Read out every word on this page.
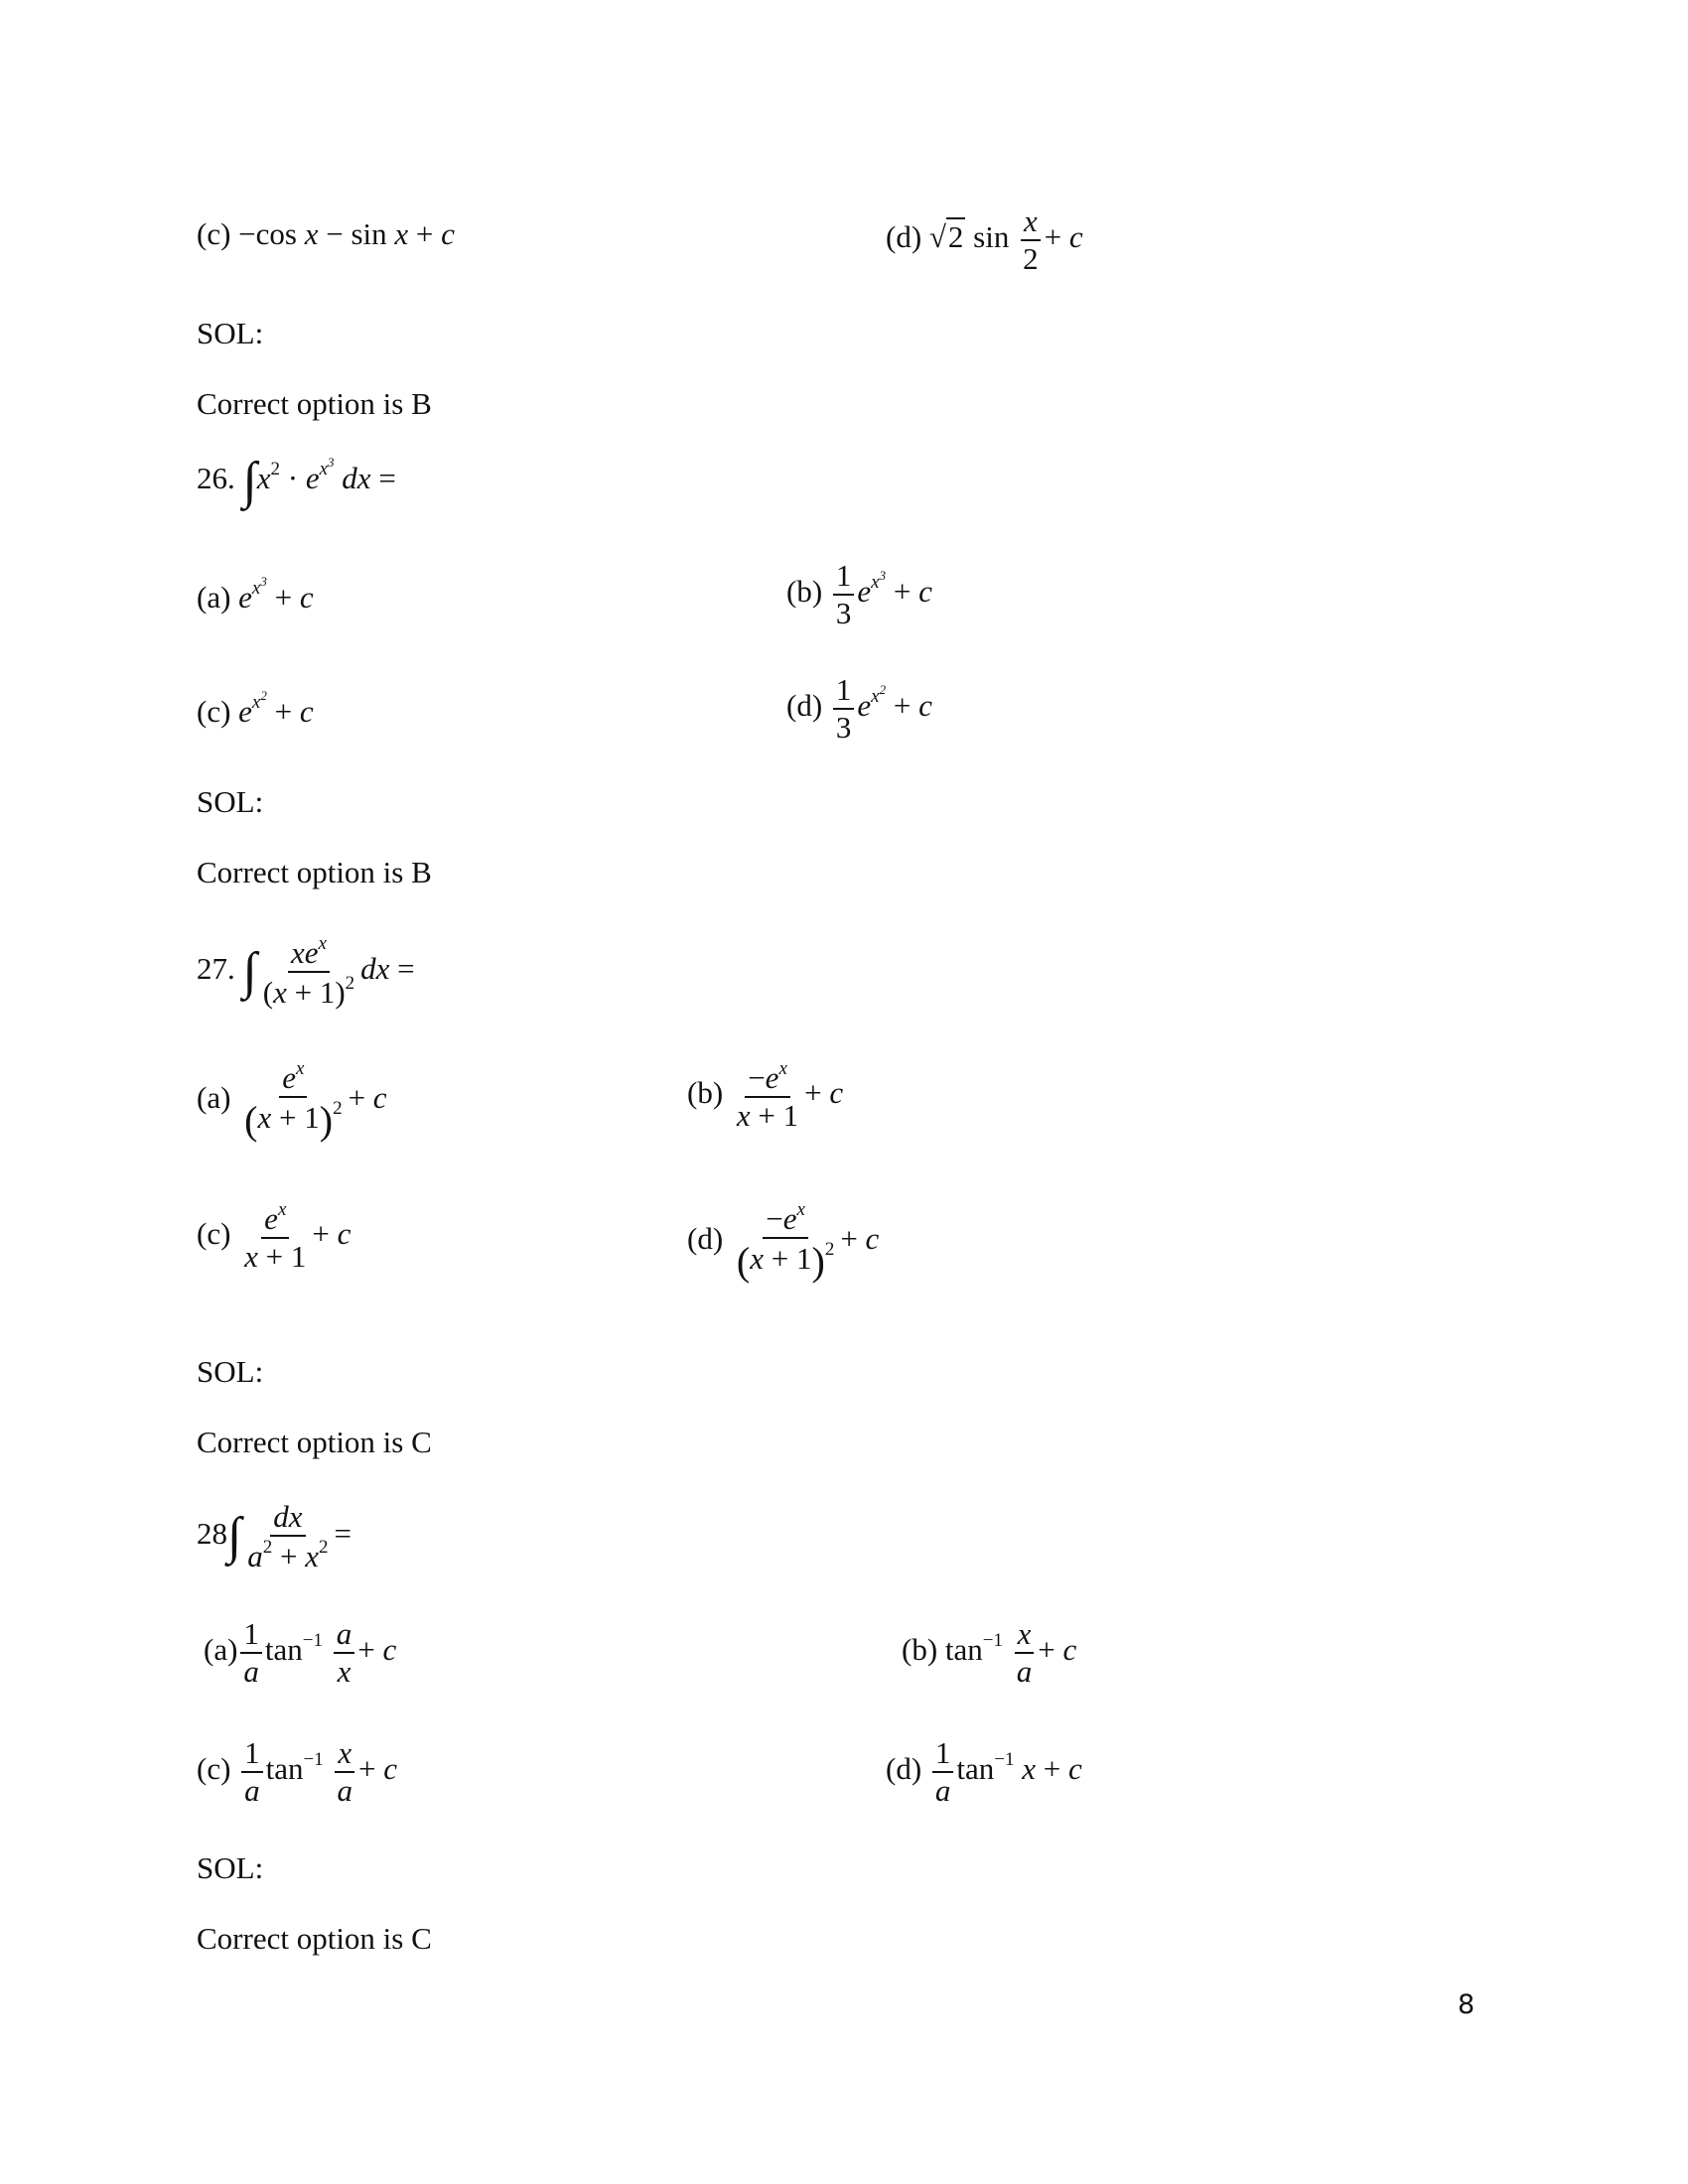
(c) −cos x − sin x + c	(d) √2 $\sin \frac{x}{2} + c$
SOL:
Correct option is B
26. $\int x^2 \cdot e^{x^3}$ dx =
(a) $e^{x^3} + c$	$(b) \frac{1}{3} e^{x^3} + c$
(c) $e^{x^2} + c$	$(d) \frac{1}{3} e^{x^2} + c$
SOL:
Correct option is B
27. ∫ $\frac{xe^x}{(x + 1)^2}$ dx =
$(a) \frac{e^x}{(x + 1)^2} + c$	$(b) \frac{-e^x}{x + 1} + c$
$(c) \frac{e^x}{x + 1} + c$	$(d) \frac{-e^x}{(x + 1)^2} + c$
SOL:
Correct option is C
$28\int \frac{dx}{a^2 + x^2}$ =
$(a) \frac{1}{a} \tan^{-1} \frac{a}{x} + c$	(b) $\tan^{-1} \frac{x}{a} + c$
$(c) \frac{1}{a} \tan^{-1} \frac{x}{a} + c$	$(d) \frac{1}{a} \tan^{-1} x + c$
SOL:
Correct option is C
8
